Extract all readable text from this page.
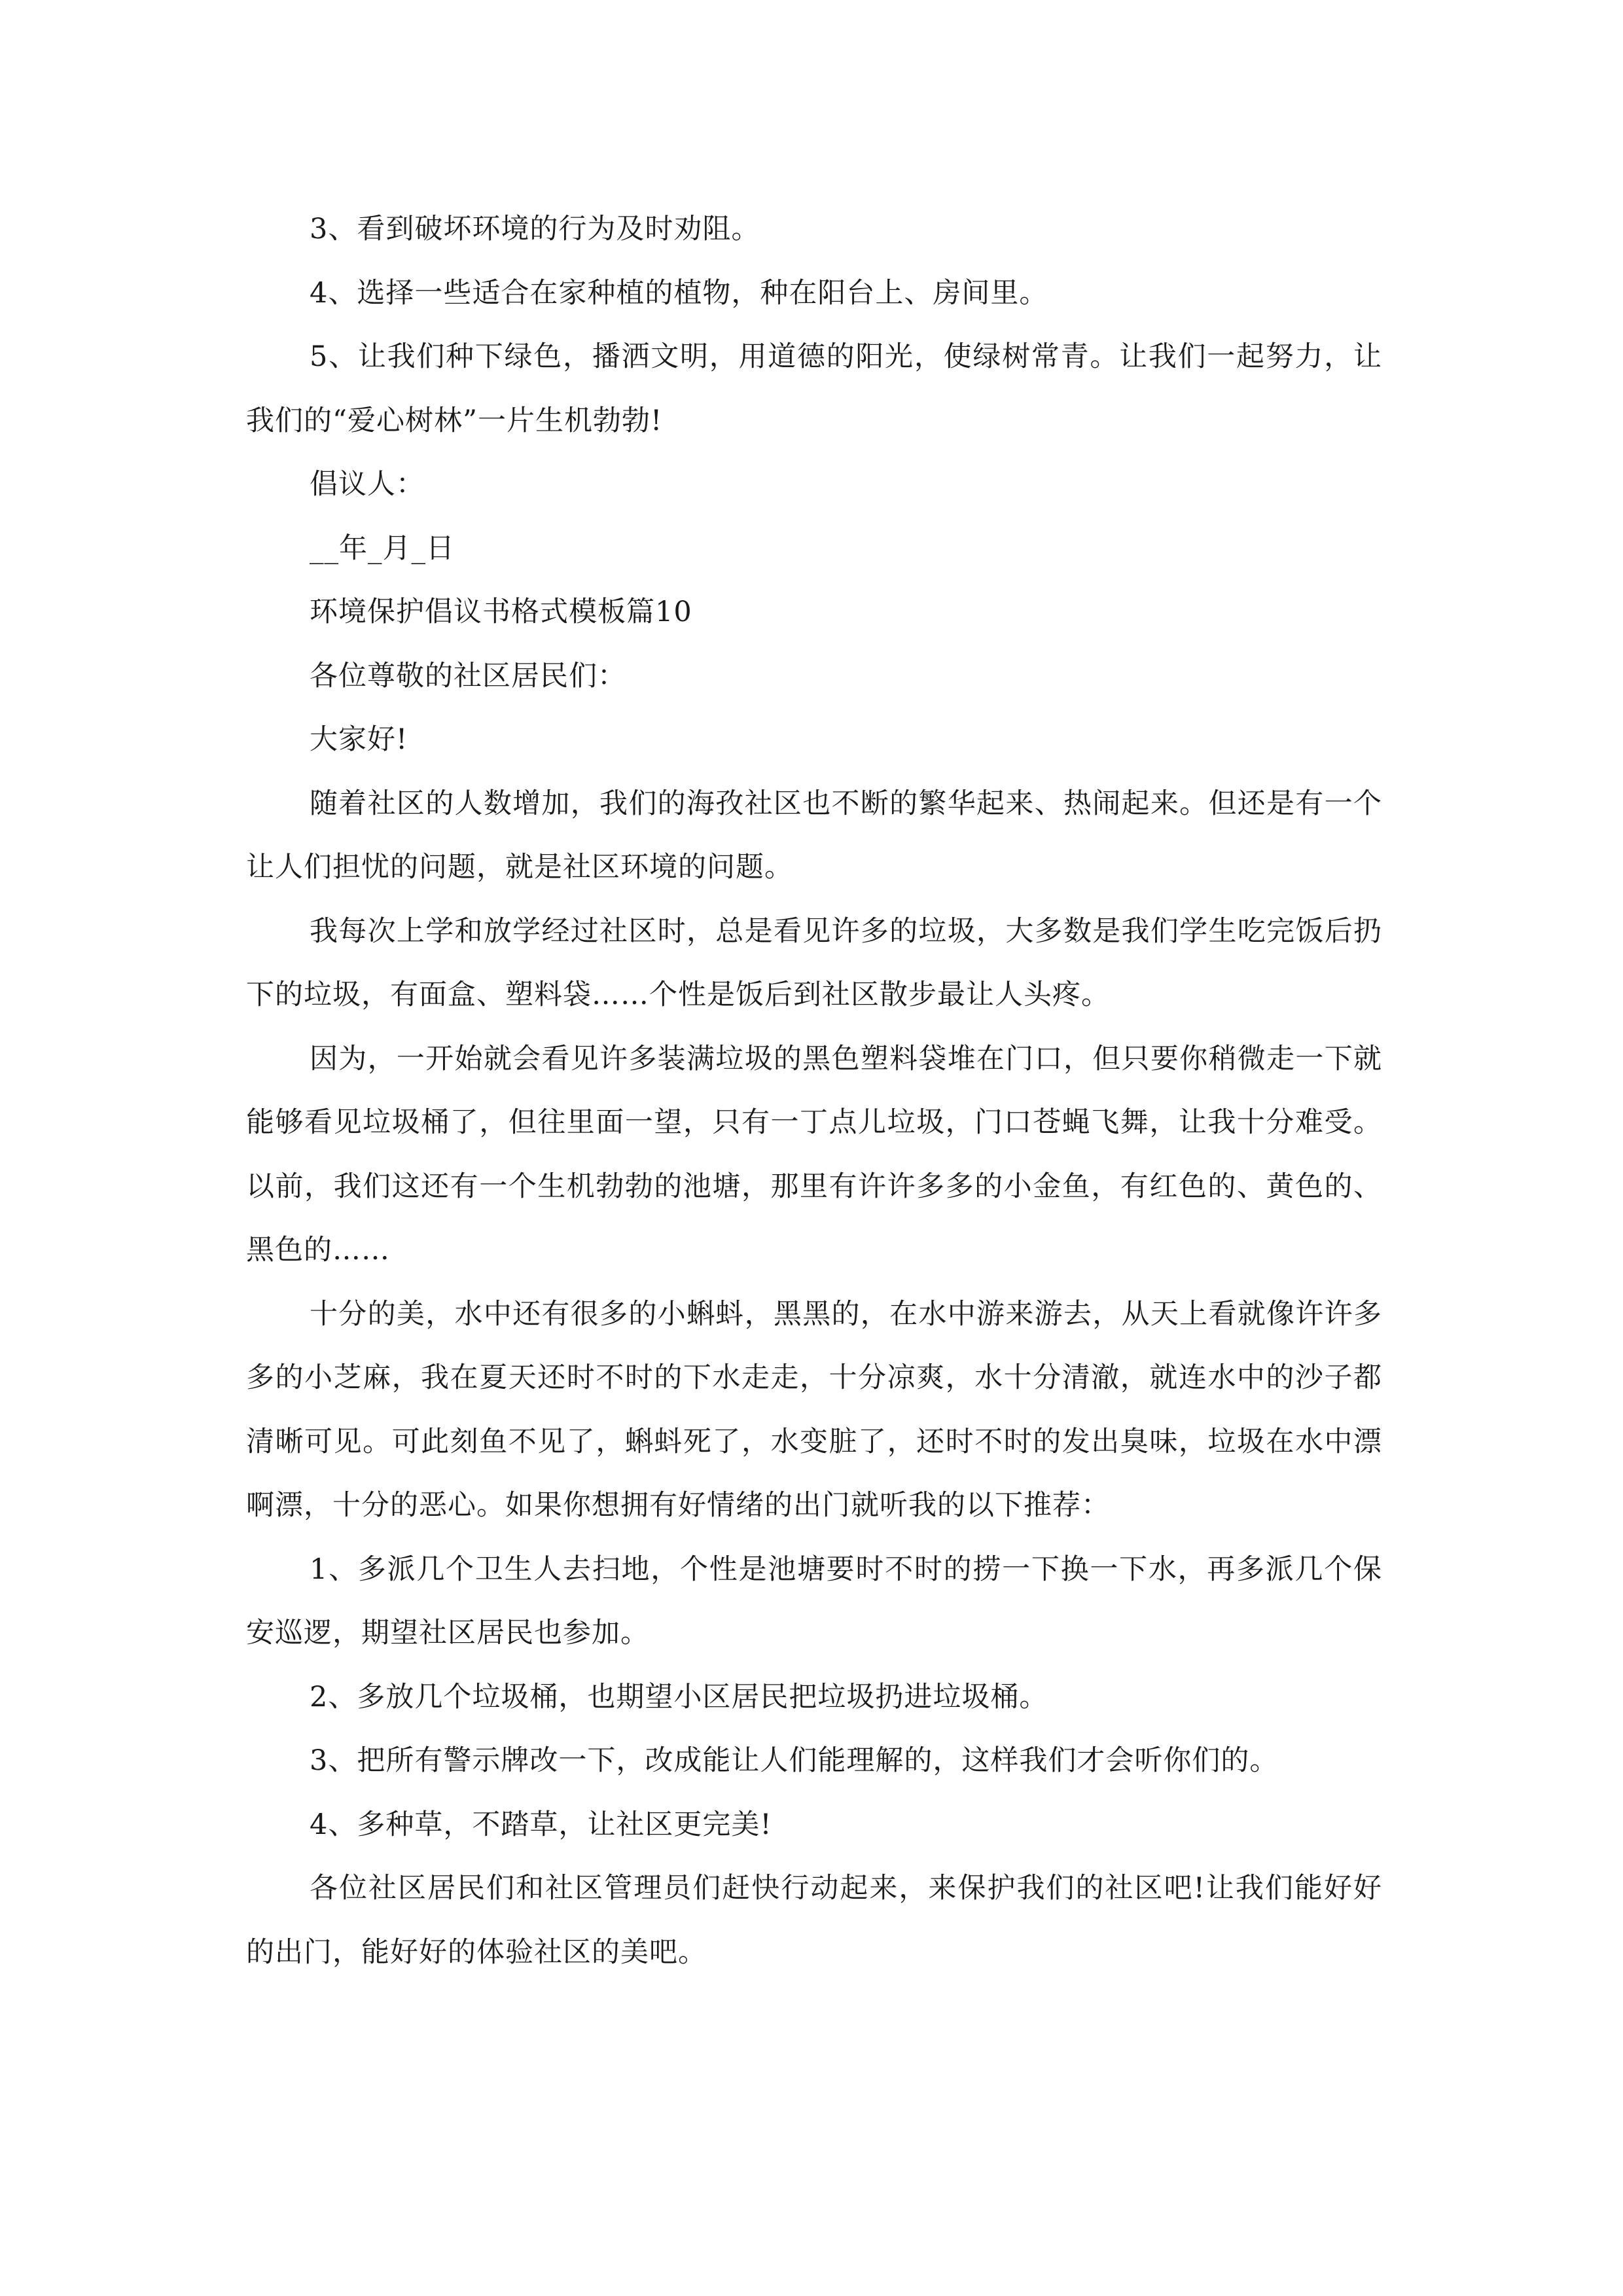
3、看到破坏环境的行为及时劝阻。

4、选择一些适合在家种植的植物，种在阳台上、房间里。

5、让我们种下绿色，播洒文明，用道德的阳光，使绿树常青。让我们一起努力，让我们的“爱心树林”一片生机勃勃!

倡议人：

__年_月_日

环境保护倡议书格式模板篇10

各位尊敬的社区居民们：

大家好!

随着社区的人数增加，我们的海孜社区也不断的繁华起来、热闹起来。但还是有一个让人们担忧的问题，就是社区环境的问题。

我每次上学和放学经过社区时，总是看见许多的垃圾，大多数是我们学生吃完饭后扔下的垃圾，有面盒、塑料袋……个性是饭后到社区散步最让人头疼。

因为，一开始就会看见许多装满垃圾的黑色塑料袋堆在门口，但只要你稍微走一下就能够看见垃圾桶了，但往里面一望，只有一丁点儿垃圾，门口苍蝇飞舞，让我十分难受。以前，我们这还有一个生机勃勃的池塘，那里有许许多多的小金鱼，有红色的、黄色的、黑色的……

十分的美，水中还有很多的小蝌蚪，黑黑的，在水中游来游去，从天上看就像许许多多的小芝麻，我在夏天还时不时的下水走走，十分凉爽，水十分清澈，就连水中的沙子都清晰可见。可此刻鱼不见了，蝌蚪死了，水变脏了，还时不时的发出臭味，垃圾在水中漂啊漂，十分的恶心。如果你想拥有好情绪的出门就听我的以下推荐：

1、多派几个卫生人去扫地，个性是池塘要时不时的捞一下换一下水，再多派几个保安巡逻，期望社区居民也参加。

2、多放几个垃圾桶，也期望小区居民把垃圾扔进垃圾桶。

3、把所有警示牌改一下，改成能让人们能理解的，这样我们才会听你们的。

4、多种草，不踏草，让社区更完美!

各位社区居民们和社区管理员们赶快行动起来，来保护我们的社区吧!让我们能好好的出门，能好好的体验社区的美吧。
